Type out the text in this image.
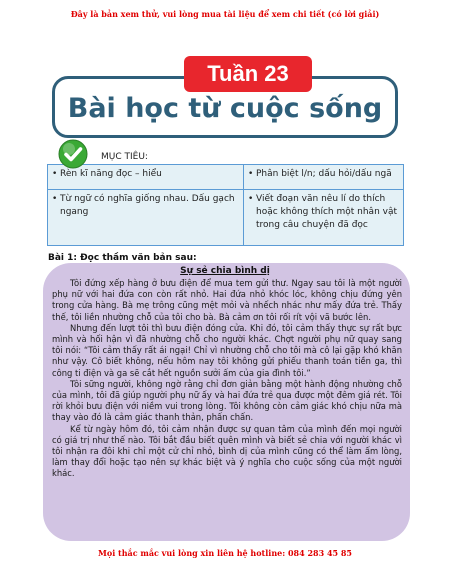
Đây là bản xem thử, vui lòng mua tài liệu để xem chi tiết (có lời giải)
Bài học từ cuộc sống
Tuần 23
MỤC TIÊU:
• Rèn kĩ năng đọc – hiểu	• Phân biệt l/n; dấu hỏi/dấu ngã

• Từ ngữ có nghĩa giống nhau. Dấu gạch ngang	• Viết đoạn văn nêu lí do thích hoặc không thích một nhân vật trong câu chuyện đã đọc
Bài 1: Đọc thầm văn bản sau:
Sự sẻ chia bình dị

Tôi đứng xếp hàng ở bưu điện để mua tem gửi thư. Ngay sau tôi là một người phụ nữ với hai đứa con còn rất nhỏ. Hai đứa nhỏ khóc lóc, không chịu đứng yên trong cửa hàng. Bà mẹ trông cũng mệt mỏi và nhếch nhác như mấy đứa trẻ. Thấy thế, tôi liền nhường chỗ của tôi cho bà. Bà cảm ơn tôi rối rít vội vã bước lên.

Nhưng đến lượt tôi thì bưu điện đóng cửa. Khi đó, tôi cảm thấy thực sự rất bực mình và hối hận vì đã nhường chỗ cho người khác. Chợt người phụ nữ quay sang tôi nói: “Tôi cảm thấy rất ái ngại! Chỉ vì nhường chỗ cho tôi mà cô lại gặp khó khăn như vậy. Cô biết không, nếu hôm nay tôi không gửi phiếu thanh toán tiền ga, thì công ti điện và ga sẽ cắt hết nguồn sưởi ấm của gia đình tôi.”

Tôi sững người, không ngờ rằng chỉ đơn giản bằng một hành động nhường chỗ của mình, tôi đã giúp người phụ nữ ấy và hai đứa trẻ qua được một đêm giá rét. Tôi rời khỏi bưu điện với niềm vui trong lòng. Tôi không còn cảm giác khó chịu nữa mà thay vào đó là cảm giác thanh thản, phấn chấn.

Kể từ ngày hôm đó, tôi cảm nhận được sự quan tâm của mình đến mọi người có giá trị như thế nào. Tôi bắt đầu biết quên mình và biết sẻ chia với người khác vì tôi nhận ra đôi khi chỉ một cử chỉ nhỏ, bình dị của mình cũng có thể làm ấm lòng, làm thay đổi hoặc tạo nên sự khác biệt và ý nghĩa cho cuộc sống của một người khác.

Mọi thắc mắc vui lòng xin liên hệ hotline: 084 283 45 85
